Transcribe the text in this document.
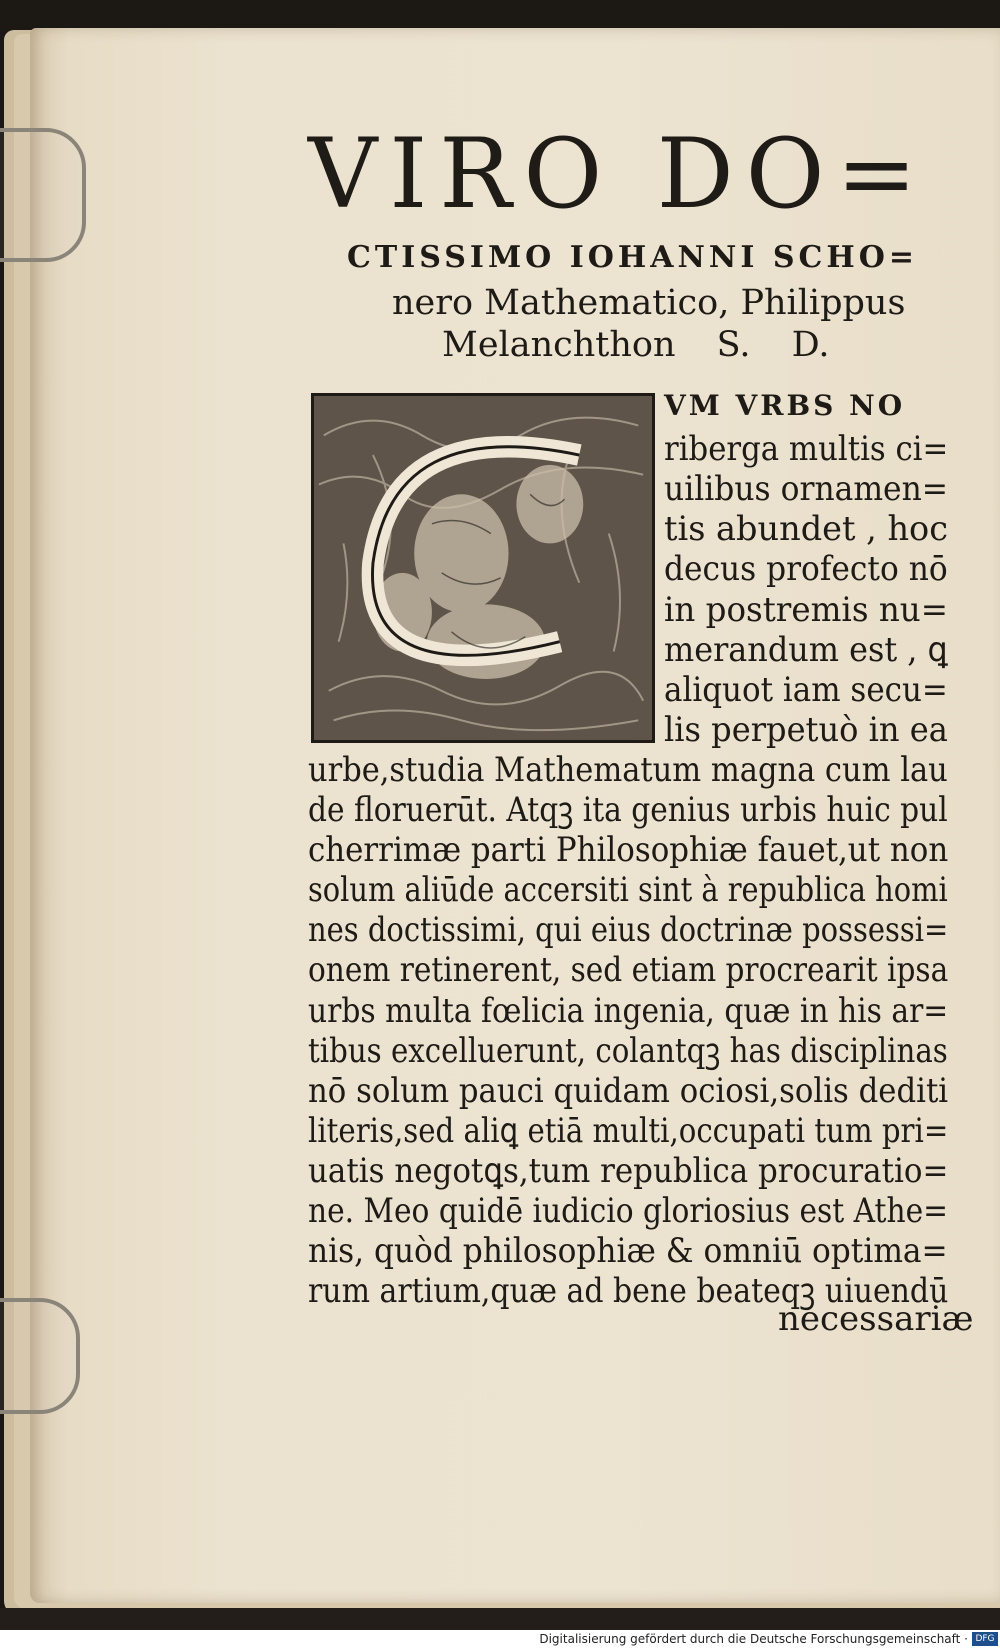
VIRO DO=
CTISSIMO IOHANNI SCHO=
nero Mathematico, Philippus
Melanchthon S. D.
VM VRBS NO
riberga multis ci=
uilibus ornamen=
tis abundet , hoc
decus profecto nō
in postremis nu=
merandum est , ꝗ
aliquot iam secu=
lis perpetuò in ea
urbe,studia Mathematum magna cum lau
de floruerūt. Atqꝫ ita genius urbis huic pul
cherrimæ parti Philosophiæ fauet,ut non
solum aliūde accersiti sint à republica homi
nes doctissimi, qui eius doctrinæ possessi=
onem retinerent, sed etiam procrearit ipsa
urbs multa fœlicia ingenia, quæ in his ar=
tibus excelluerunt, colantqꝫ has disciplinas
nō solum pauci quidam ociosi,solis dediti
literis,sed aliꝗ etiā multi,occupati tum pri=
uatis negotꝗs,tum republica procuratio=
ne. Meo quidē iudicio gloriosius est Athe=
nis, quòd philosophiæ & omniū optima=
rum artium,quæ ad bene beateqꝫ uiuendū
necessariæ
Digitalisierung gefördert durch die Deutsche Forschungsgemeinschaft · DFG
